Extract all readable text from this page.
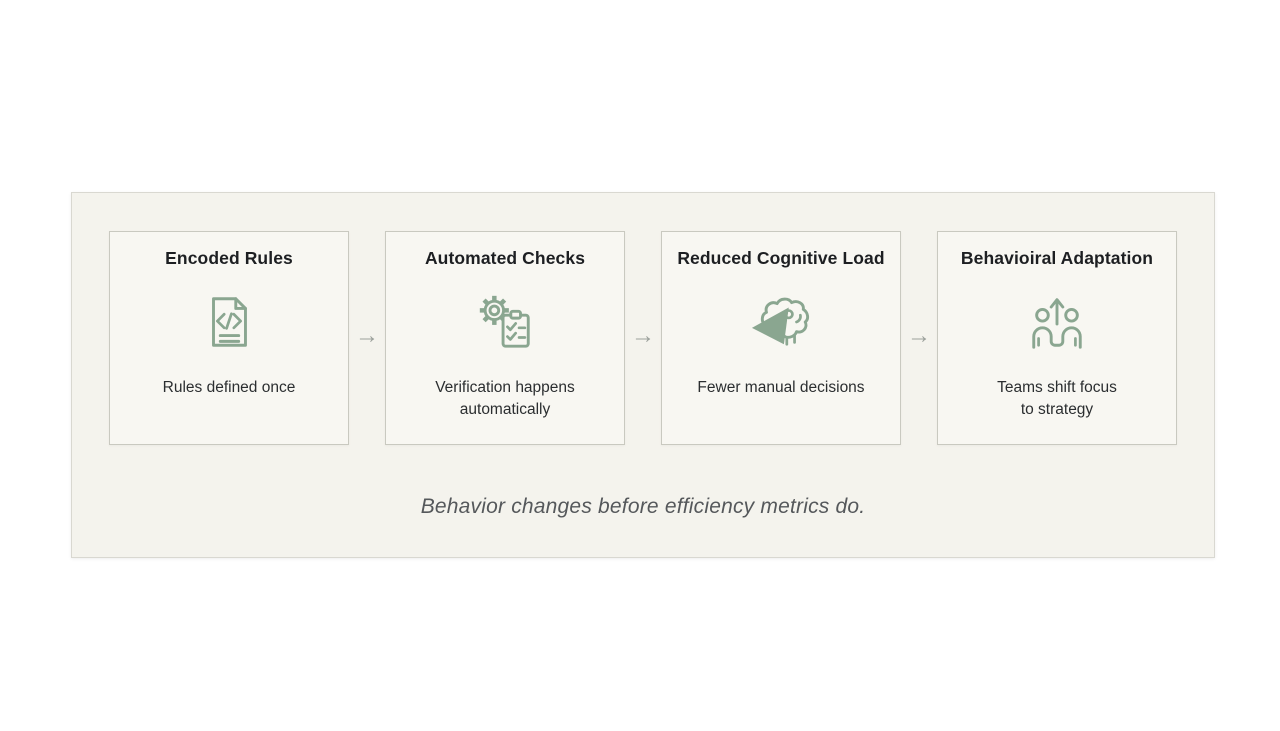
Encoded Rules
Rules defined once
→
Automated Checks
Verification happens
automatically
→
Reduced Cognitive Load
Fewer manual decisions
→
Behavioiral Adaptation
Teams shift focus
to strategy
Behavior changes before efficiency metrics do.
